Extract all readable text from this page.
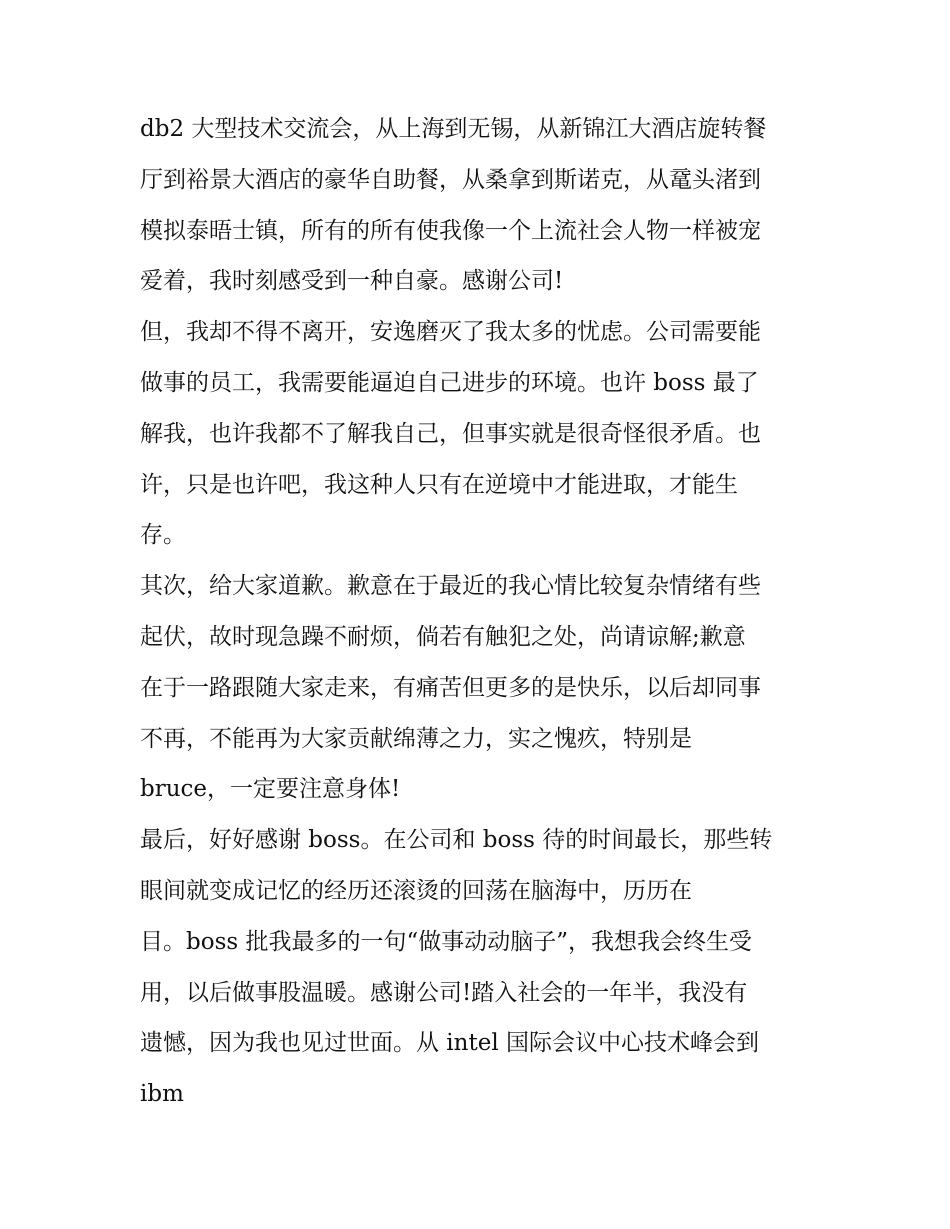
db2 大型技术交流会，从上海到无锡，从新锦江大酒店旋转餐
厅到裕景大酒店的豪华自助餐，从桑拿到斯诺克，从鼋头渚到
模拟泰晤士镇，所有的所有使我像一个上流社会人物一样被宠
爱着，我时刻感受到一种自豪。感谢公司!
但，我却不得不离开，安逸磨灭了我太多的忧虑。公司需要能
做事的员工，我需要能逼迫自己进步的环境。也许 boss 最了
解我，也许我都不了解我自己，但事实就是很奇怪很矛盾。也
许，只是也许吧，我这种人只有在逆境中才能进取，才能生
存。
其次，给大家道歉。歉意在于最近的我心情比较复杂情绪有些
起伏，故时现急躁不耐烦，倘若有触犯之处，尚请谅解;歉意
在于一路跟随大家走来，有痛苦但更多的是快乐，以后却同事
不再，不能再为大家贡献绵薄之力，实之愧疚，特别是
bruce，一定要注意身体!
最后，好好感谢 boss。在公司和 boss 待的时间最长，那些转
眼间就变成记忆的经历还滚烫的回荡在脑海中，历历在
目。boss 批我最多的一句“做事动动脑子”，我想我会终生受
用，以后做事股温暖。感谢公司!踏入社会的一年半，我没有
遗憾，因为我也见过世面。从 intel 国际会议中心技术峰会到
ibm
